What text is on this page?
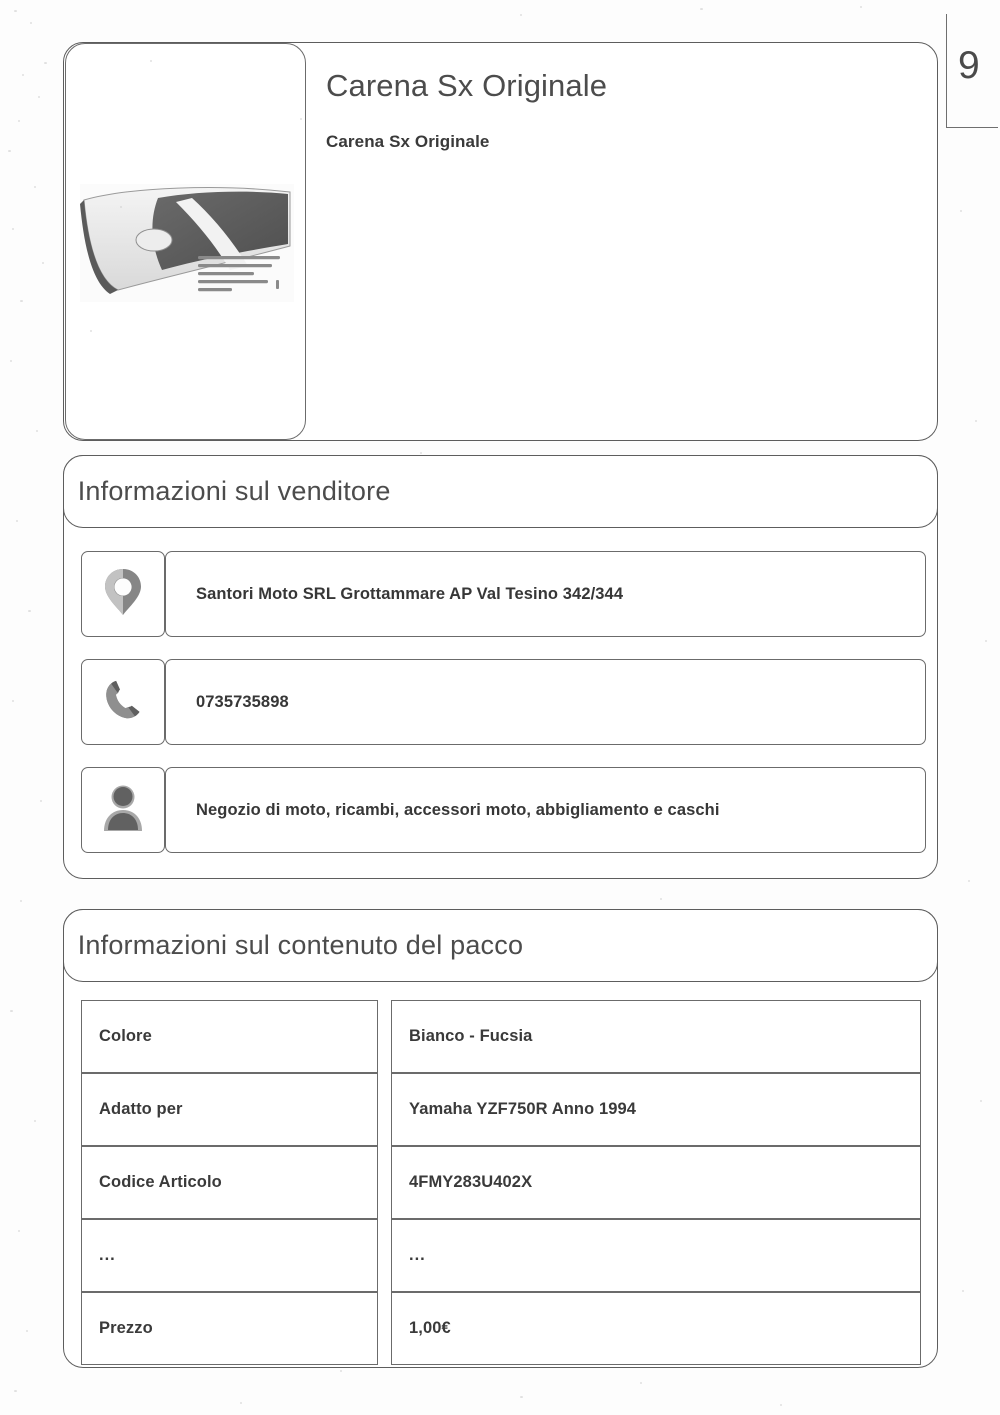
9
Carena Sx Originale
Carena Sx Originale
Informazioni sul venditore
Santori Moto SRL Grottammare AP Val Tesino 342/344
0735735898
Negozio di moto, ricambi, accessori moto, abbigliamento e caschi
Informazioni sul contenuto del pacco
Colore	Bianco - Fucsia
Adatto per	Yamaha YZF750R Anno 1994
Codice Articolo	4FMY283U402X
...	...
Prezzo	1,00€
